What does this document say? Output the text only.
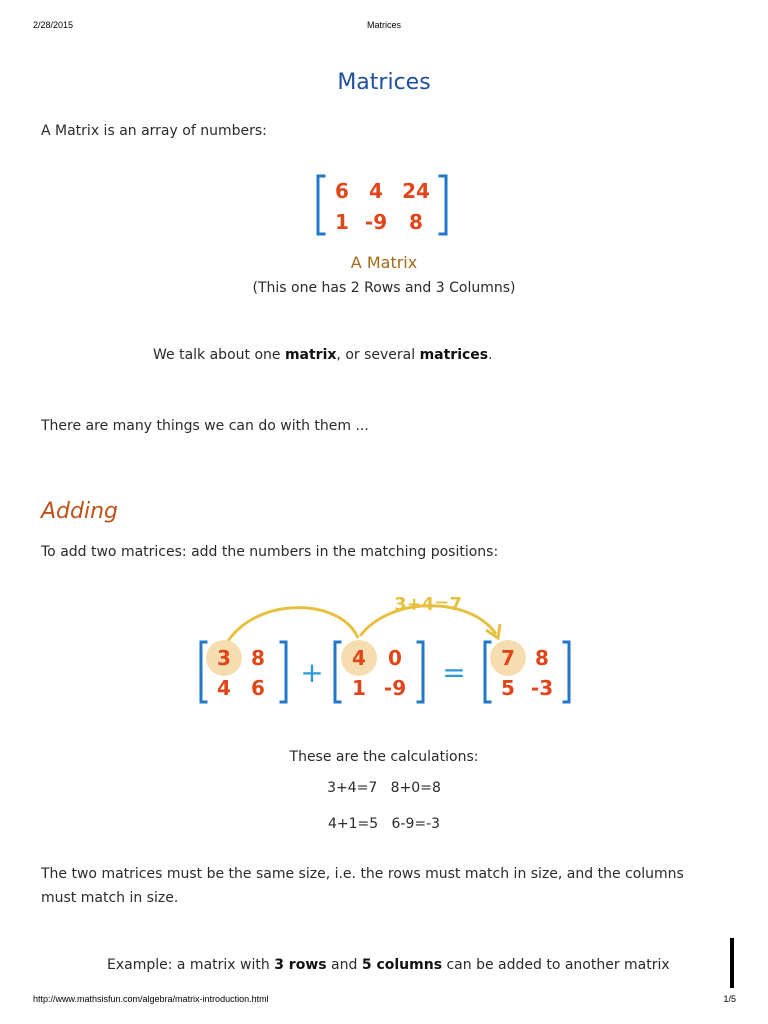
2/28/2015	Matrices
Matrices
A Matrix is an array of numbers:
6 4 24
1 -9 8
A Matrix
(This one has 2 Rows and 3 Columns)
We talk about one matrix, or several matrices.
There are many things we can do with them ...
Adding
To add two matrices: add the numbers in the matching positions:
3+4=7
3 8
4 6 + 4 0
1 -9 = 7 8
5 -3
These are the calculations:
3+4=7   8+0=8
4+1=5   6-9=-3
The two matrices must be the same size, i.e. the rows must match in size, and the columns must match in size.
Example: a matrix with 3 rows and 5 columns can be added to another matrix
http://www.mathsisfun.com/algebra/matrix-introduction.html	1/5
